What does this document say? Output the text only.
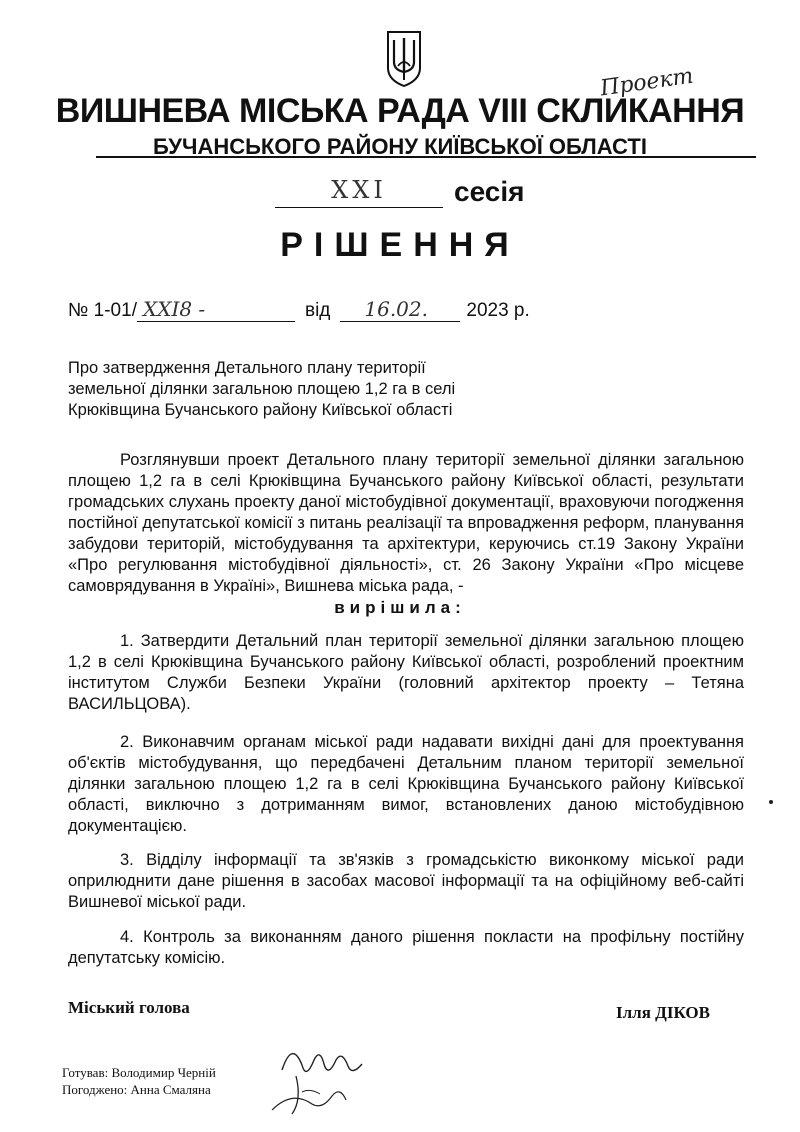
Проект
ВИШНЕВА МІСЬКА РАДА VIII СКЛИКАННЯ
БУЧАНСЬКОГО РАЙОНУ КИЇВСЬКОЇ ОБЛАСТІ
XXI	сесія
РІШЕННЯ
№ 1-01/ XXI8 -	від 16.02. 2023 р.
Про затвердження Детального плану території
земельної ділянки загальною площею 1,2 га в селі
Крюківщина Бучанського району Київської області
Розглянувши проект Детального плану території земельної ділянки загальною площею 1,2 га в селі Крюківщина Бучанського району Київської області, результати громадських слухань проекту даної містобудівної документації, враховуючи погодження постійної депутатської комісії з питань реалізації та впровадження реформ, планування забудови територій, містобудування та архітектури, керуючись ст.19 Закону України «Про регулювання містобудівної діяльності», ст. 26 Закону України «Про місцеве самоврядування в Україні», Вишнева міська рада, -
вирішила:
1. Затвердити Детальний план території земельної ділянки загальною площею 1,2 в селі Крюківщина Бучанського району Київської області, розроблений проектним інститутом Служби Безпеки України (головний архітектор проекту – Тетяна ВАСИЛЬЦОВА).
2. Виконавчим органам міської ради надавати вихідні дані для проектування об'єктів містобудування, що передбачені Детальним планом території земельної ділянки загальною площею 1,2 га в селі Крюківщина Бучанського району Київської області, виключно з дотриманням вимог, встановлених даною містобудівною документацією.
3. Відділу інформації та зв'язків з громадськістю виконкому міської ради оприлюднити дане рішення в засобах масової інформації та на офіційному веб-сайті Вишневої міської ради.
4. Контроль за виконанням даного рішення покласти на профільну постійну депутатську комісію.
Міський голова	Ілля ДІКОВ
Готував: Володимир Черній
Погоджено: Анна Смаляна
